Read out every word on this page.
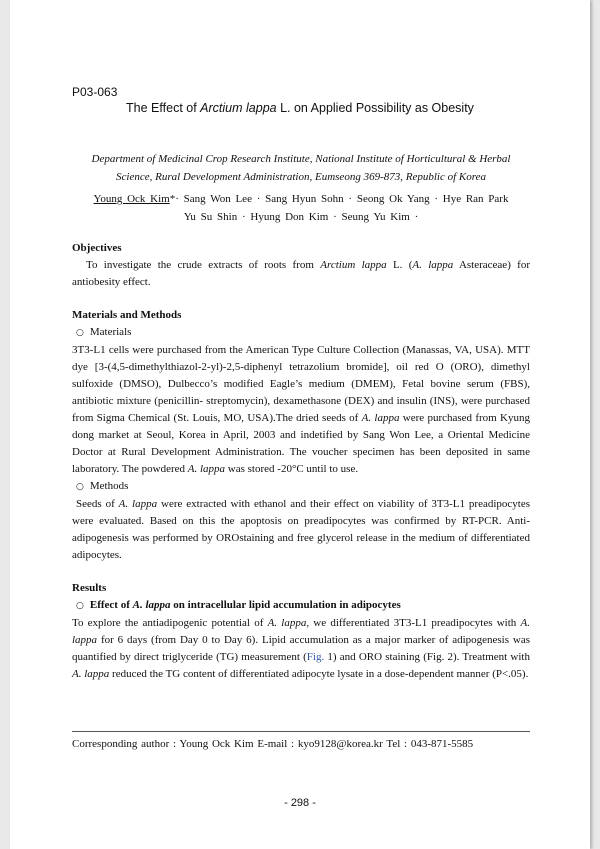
P03-063
The Effect of Arctium lappa L. on Applied Possibility as Obesity
Department of Medicinal Crop Research Institute, National Institute of Horticultural & Herbal
Science, Rural Development Administration, Eumseong 369-873, Republic of Korea
Young Ock Kim*· Sang Won Lee · Sang Hyun Sohn · Seong Ok Yang · Hye Ran Park
Yu Su Shin · Hyung Don Kim · Seung Yu Kim ·

Objectives

To investigate the crude extracts of roots from Arctium lappa L. (A. lappa Asteraceae) for antiobesity effect.

Materials and Methods

○ Materials

3T3-L1 cells were purchased from the American Type Culture Collection (Manassas, VA, USA). MTT dye [3-(4,5-dimethylthiazol-2-yl)-2,5-diphenyl tetrazolium bromide], oil red O (ORO), dimethyl sulfoxide (DMSO), Dulbecco’s modified Eagle’s medium (DMEM), Fetal bovine serum (FBS), antibiotic mixture (penicillin- streptomycin), dexamethasone (DEX) and insulin (INS), were purchased from Sigma Chemical (St. Louis, MO, USA).The dried seeds of A. lappa were purchased from Kyung dong market at Seoul, Korea in April, 2003 and indetified by Sang Won Lee, a Oriental Medicine Doctor at Rural Development Administration. The voucher specimen has been deposited in same laboratory. The powdered A. lappa was stored -20°C until to use.

○ Methods

Seeds of A. lappa were extracted with ethanol and their effect on viability of 3T3-L1 preadipocytes were evaluated. Based on this the apoptosis on preadipocytes was confirmed by RT-PCR. Anti-adipogenesis was performed by OROstaining and free glycerol release in the medium of differentiated adipocytes.

Results

○ Effect of A. lappa on intracellular lipid accumulation in adipocytes

To explore the antiadipogenic potential of A. lappa, we differentiated 3T3-L1 preadipocytes with A. lappa for 6 days (from Day 0 to Day 6). Lipid accumulation as a major marker of adipogenesis was quantified by direct triglyceride (TG) measurement (Fig. 1) and ORO staining (Fig. 2). Treatment with A. lappa reduced the TG content of differentiated adipocyte lysate in a dose-dependent manner (P<.05).

Corresponding author : Young Ock Kim E-mail : kyo9128@korea.kr Tel : 043-871-5585
- 298 -
